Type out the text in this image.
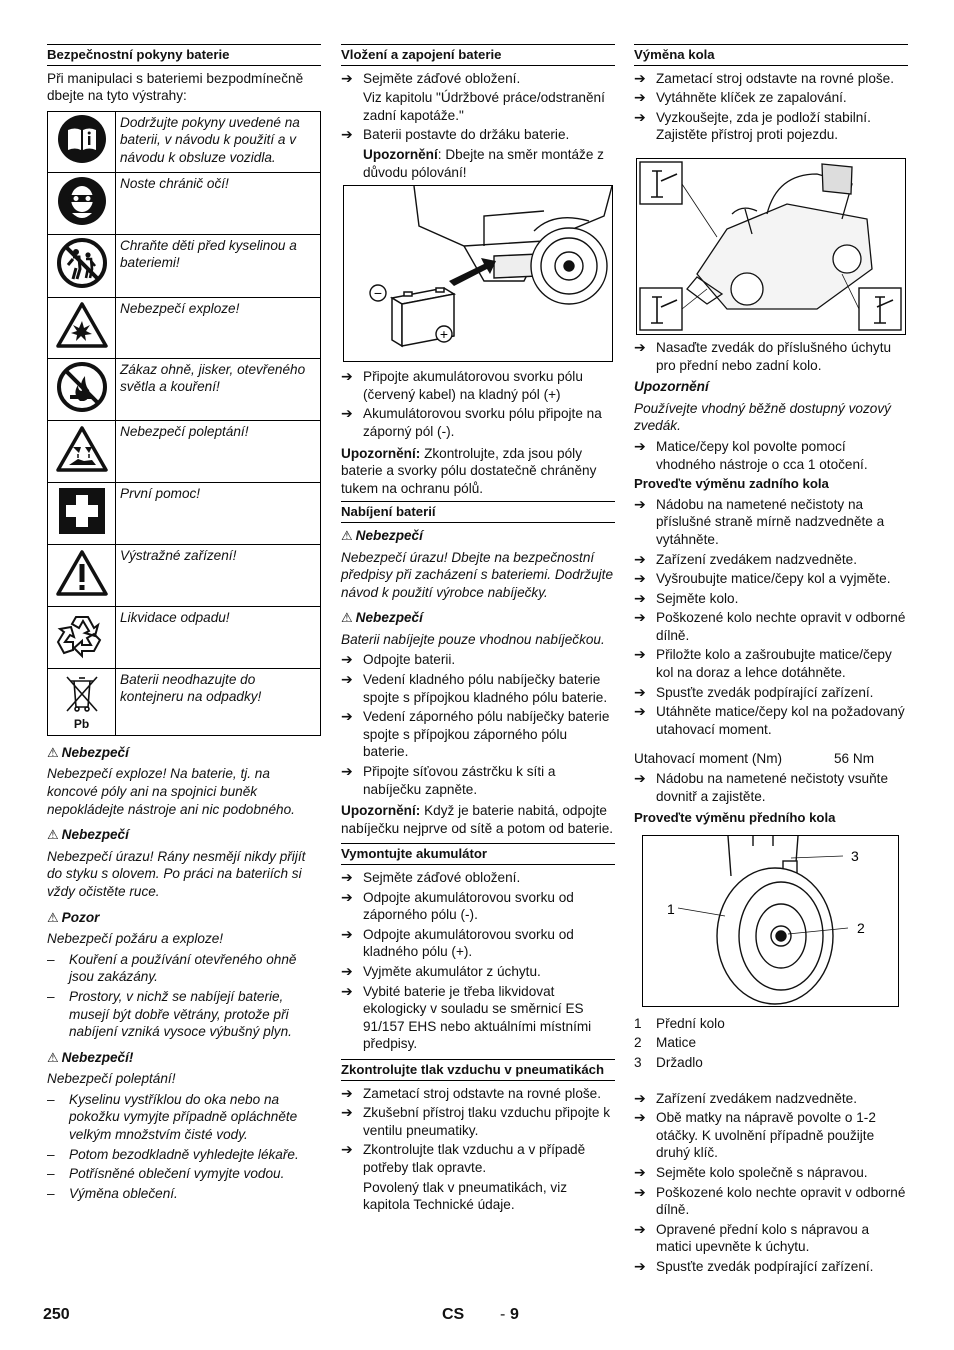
Bezpečnostní pokyny baterie

Při manipulaci s bateriemi bezpodmínečně dbejte na tyto výstrahy:

	Dodržujte pokyny uvedené na baterii, v návodu k použití a v návodu k obsluze vozidla.
	Noste chránič očí!
	Chraňte děti před kyselinou a bateriemi!
	Nebezpečí exploze!
	Zákaz ohně, jisker, otevřeného světla a kouření!
	Nebezpečí poleptání!
	První pomoc!
	Výstražné zařízení!
	Likvidace odpadu!

Pb	Baterii neodhazujte do kontejneru na odpadky!
⚠ Nebezpečí

Nebezpečí exploze! Na baterie, tj. na koncové póly ani na spojnici buněk nepokládejte nástroje ani nic podobného.

⚠ Nebezpečí

Nebezpečí úrazu! Rány nesmějí nikdy přijít do styku s olovem. Po práci na bateriích si vždy očistěte ruce.

⚠ Pozor

Nebezpečí požáru a exploze!

–	Kouření a používání otevřeného ohně jsou zakázány.
–	Prostory, v nichž se nabíjejí baterie, musejí být dobře větrány, protože při nabíjení vzniká vysoce výbušný plyn.
⚠ Nebezpečí!

Nebezpečí poleptání!

–	Kyselinu vystříklou do oka nebo na pokožku vymyjte případně opláchněte velkým množstvím čisté vody.
–	Potom bezodkladně vyhledejte lékaře.
–	Potřísněné oblečení vymyjte vodou.
–	Výměna oblečení.
Vložení a zapojení baterie
➔ Sejměte záďové obložení.
Viz kapitolu "Údržbové práce/odstranění zadní kapotáže."
➔ Baterii postavte do držáku baterie.
Upozornění: Dbejte na směr montáže z důvodu pólování!
−
+
➔ Připojte akumulátorovou svorku pólu (červený kabel) na kladný pól (+)
➔ Akumulátorovou svorku pólu připojte na záporný pól (-).

Upozornění: Zkontrolujte, zda jsou póly baterie a svorky pólu dostatečně chráněny tukem na ochranu pólů.

Nabíjení baterií
⚠ Nebezpečí

Nebezpečí úrazu! Dbejte na bezpečnostní předpisy při zacházení s bateriemi. Dodržujte návod k použití výrobce nabíječky.

⚠ Nebezpečí

Baterii nabíjejte pouze vhodnou nabíječkou.

➔ Odpojte baterii.
➔ Vedení kladného pólu nabíječky baterie spojte s přípojkou kladného pólu baterie.
➔ Vedení záporného pólu nabíječky baterie spojte s přípojkou záporného pólu baterie.
➔ Připojte síťovou zástrčku k síti a nabíječku zapněte.

Upozornění: Když je baterie nabitá, odpojte nabíječku nejprve od sítě a potom od baterie.

Vymontujte akumulátor
➔ Sejměte záďové obložení.
➔ Odpojte akumulátorovou svorku od záporného pólu (-).
➔ Odpojte akumulátorovou svorku od kladného pólu (+).
➔ Vyjměte akumulátor z úchytu.
➔ Vybité baterie je třeba likvidovat ekologicky v souladu se směrnicí ES 91/157 EHS nebo aktuálními místními předpisy.
Zkontrolujte tlak vzduchu v pneumatikách
➔ Zametací stroj odstavte na rovné ploše.
➔ Zkušební přístroj tlaku vzduchu připojte k ventilu pneumatiky.
➔ Zkontrolujte tlak vzduchu a v případě potřeby tlak opravte.
Povolený tlak v pneumatikách, viz kapitola Technické údaje.
Výměna kola
➔ Zametací stroj odstavte na rovné ploše.
➔ Vytáhněte klíček ze zapalování.
➔ Vyzkoušejte, zda je podloží stabilní. Zajistěte přístroj proti pojezdu.
➔ Nasaďte zvedák do příslušného úchytu pro přední nebo zadní kolo.
Upozornění

Používejte vhodný běžně dostupný vozový zvedák.

➔ Matice/čepy kol povolte pomocí vhodného nástroje o cca 1 otočení.
Proveďte výměnu zadního kola
➔ Nádobu na nametené nečistoty na příslušné straně mírně nadzvedněte a vytáhněte.
➔ Zařízení zvedákem nadzvedněte.
➔ Vyšroubujte matice/čepy kol a vyjměte.
➔ Sejměte kolo.
➔ Poškozené kolo nechte opravit v odborné dílně.
➔ Přiložte kolo a zašroubujte matice/čepy kol na doraz a lehce dotáhněte.
➔ Spusťte zvedák podpírající zařízení.
➔ Utáhněte matice/čepy kol na požadovaný utahovací moment.
Utahovací moment (Nm)	56 Nm
➔ Nádobu na nametené nečistoty vsuňte dovnitř a zajistěte.
Proveďte výměnu předního kola
1
2
3
1	Přední kolo
2	Matice
3	Držadlo
➔ Zařízení zvedákem nadzvedněte.
➔ Obě matky na nápravě povolte o 1-2 otáčky. K uvolnění případně použijte druhý klíč.
➔ Sejměte kolo společně s nápravou.
➔ Poškozené kolo nechte opravit v odborné dílně.
➔ Opravené přední kolo s nápravou a matici upevněte k úchytu.
➔ Spusťte zvedák podpírající zařízení.
250	CS - 9
